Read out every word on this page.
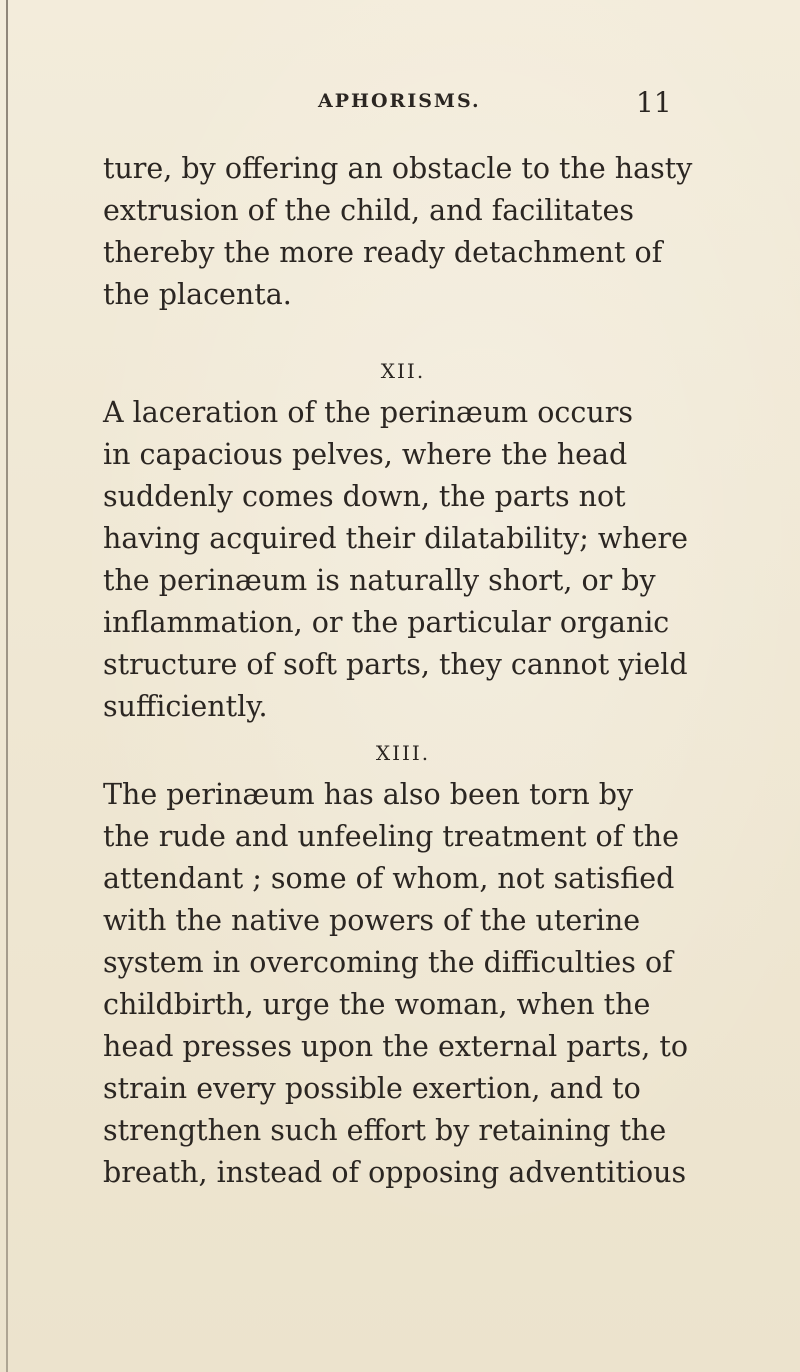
APHORISMS.	11
ture, by offering an obstacle to the hasty
extrusion of the child, and facilitates
thereby the more ready detachment of
the placenta.
XII.
A laceration of the perinæum occurs
in capacious pelves, where the head
suddenly comes down, the parts not
having acquired their dilatability; where
the perinæum is naturally short, or by
inflammation, or the particular organic
structure of soft parts, they cannot yield
sufficiently.
XIII.
The perinæum has also been torn by
the rude and unfeeling treatment of the
attendant ; some of whom, not satisfied
with the native powers of the uterine
system in overcoming the difficulties of
childbirth, urge the woman, when the
head presses upon the external parts, to
strain every possible exertion, and to
strengthen such effort by retaining the
breath, instead of opposing adventitious
